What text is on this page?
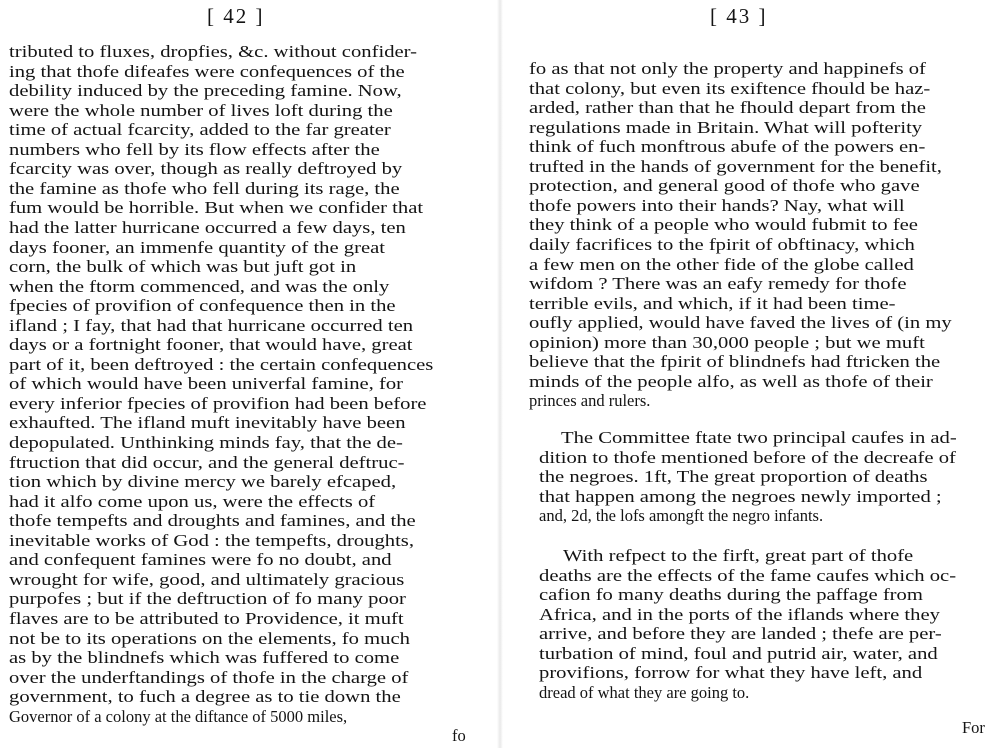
[ 42 ]
tributed to fluxes, dropfies, &c. without confider-
ing that thofe difeafes were confequences of the
debility induced by the preceding famine. Now,
were the whole number of lives loft during the
time of actual fcarcity, added to the far greater
numbers who fell by its flow effects after the
fcarcity was over, though as really deftroyed by
the famine as thofe who fell during its rage, the
fum would be horrible. But when we confider that
had the latter hurricane occurred a few days, ten
days fooner, an immenfe quantity of the great
corn, the bulk of which was but juft got in
when the ftorm commenced, and was the only
fpecies of provifion of confequence then in the
ifland ; I fay, that had that hurricane occurred ten
days or a fortnight fooner, that would have, great
part of it, been deftroyed : the certain confequences
of which would have been univerfal famine, for
every inferior fpecies of provifion had been before
exhaufted. The ifland muft inevitably have been
depopulated. Unthinking minds fay, that the de-
ftruction that did occur, and the general deftruc-
tion which by divine mercy we barely efcaped,
had it alfo come upon us, were the effects of
thofe tempefts and droughts and famines, and the
inevitable works of God : the tempefts, droughts,
and confequent famines were fo no doubt, and
wrought for wife, good, and ultimately gracious
purpofes ; but if the deftruction of fo many poor
flaves are to be attributed to Providence, it muft
not be to its operations on the elements, fo much
as by the blindnefs which was fuffered to come
over the underftandings of thofe in the charge of
government, to fuch a degree as to tie down the
Governor of a colony at the diftance of 5000 miles,
fo
[ 43 ]
fo as that not only the property and happinefs of
that colony, but even its exiftence fhould be haz-
arded, rather than that he fhould depart from the
regulations made in Britain. What will pofterity
think of fuch monftrous abufe of the powers en-
trufted in the hands of government for the benefit,
protection, and general good of thofe who gave
thofe powers into their hands? Nay, what will
they think of a people who would fubmit to fee
daily facrifices to the fpirit of obftinacy, which
a few men on the other fide of the globe called
wifdom ? There was an eafy remedy for thofe
terrible evils, and which, if it had been time-
oufly applied, would have faved the lives of (in my
opinion) more than 30,000 people ; but we muft
believe that the fpirit of blindnefs had ftricken the
minds of the people alfo, as well as thofe of their
princes and rulers.
The Committee ftate two principal caufes in ad-
dition to thofe mentioned before of the decreafe of
the negroes. 1ft, The great proportion of deaths
that happen among the negroes newly imported ;
and, 2d, the lofs amongft the negro infants.
With refpect to the firft, great part of thofe
deaths are the effects of the fame caufes which oc-
cafion fo many deaths during the paffage from
Africa, and in the ports of the iflands where they
arrive, and before they are landed ; thefe are per-
turbation of mind, foul and putrid air, water, and
provifions, forrow for what they have left, and
dread of what they are going to.
For
